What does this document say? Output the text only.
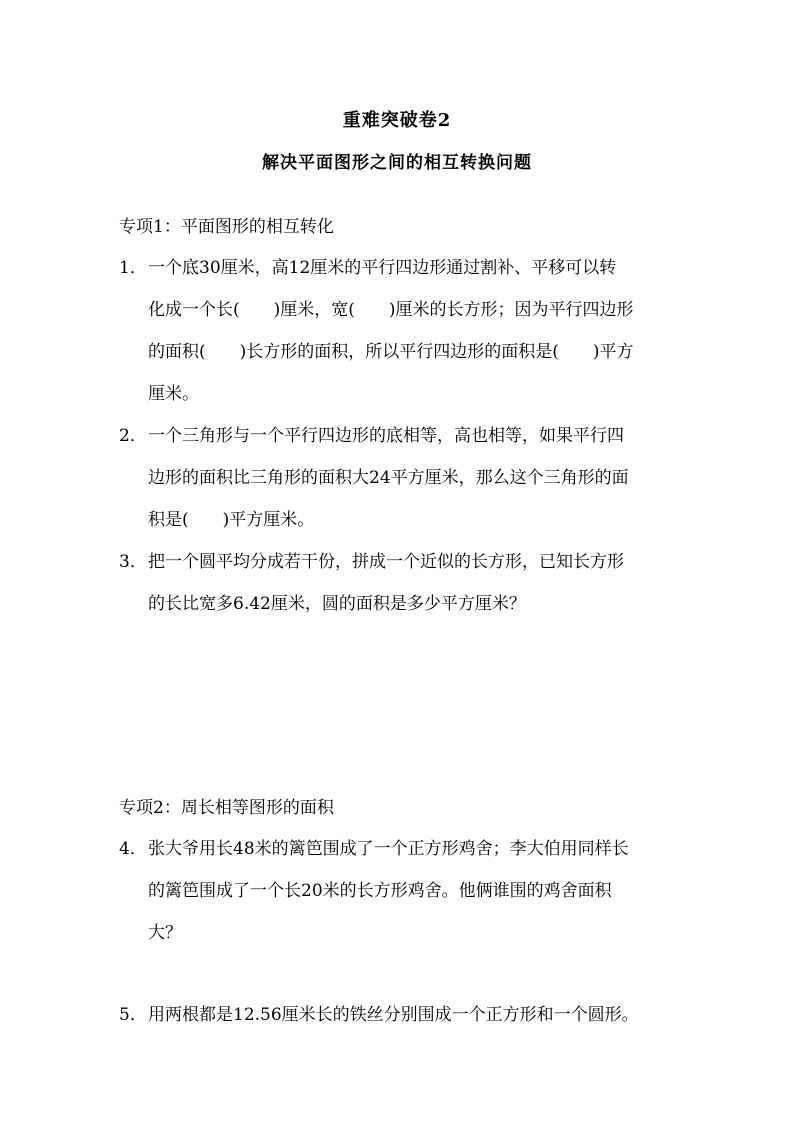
重难突破卷2
解决平面图形之间的相互转换问题
专项1：平面图形的相互转化
1． 一个底30厘米，高12厘米的平行四边形通过割补、平移可以转
化成一个长(　　)厘米，宽(　　)厘米的长方形；因为平行四边形
的面积(　　)长方形的面积，所以平行四边形的面积是(　　)平方
厘米。
2． 一个三角形与一个平行四边形的底相等，高也相等，如果平行四
边形的面积比三角形的面积大24平方厘米，那么这个三角形的面
积是(　　)平方厘米。
3． 把一个圆平均分成若干份，拼成一个近似的长方形，已知长方形
的长比宽多6.42厘米，圆的面积是多少平方厘米？
专项2：周长相等图形的面积
4． 张大爷用长48米的篱笆围成了一个正方形鸡舍；李大伯用同样长
的篱笆围成了一个长20米的长方形鸡舍。他俩谁围的鸡舍面积
大？
5． 用两根都是12.56厘米长的铁丝分别围成一个正方形和一个圆形。
